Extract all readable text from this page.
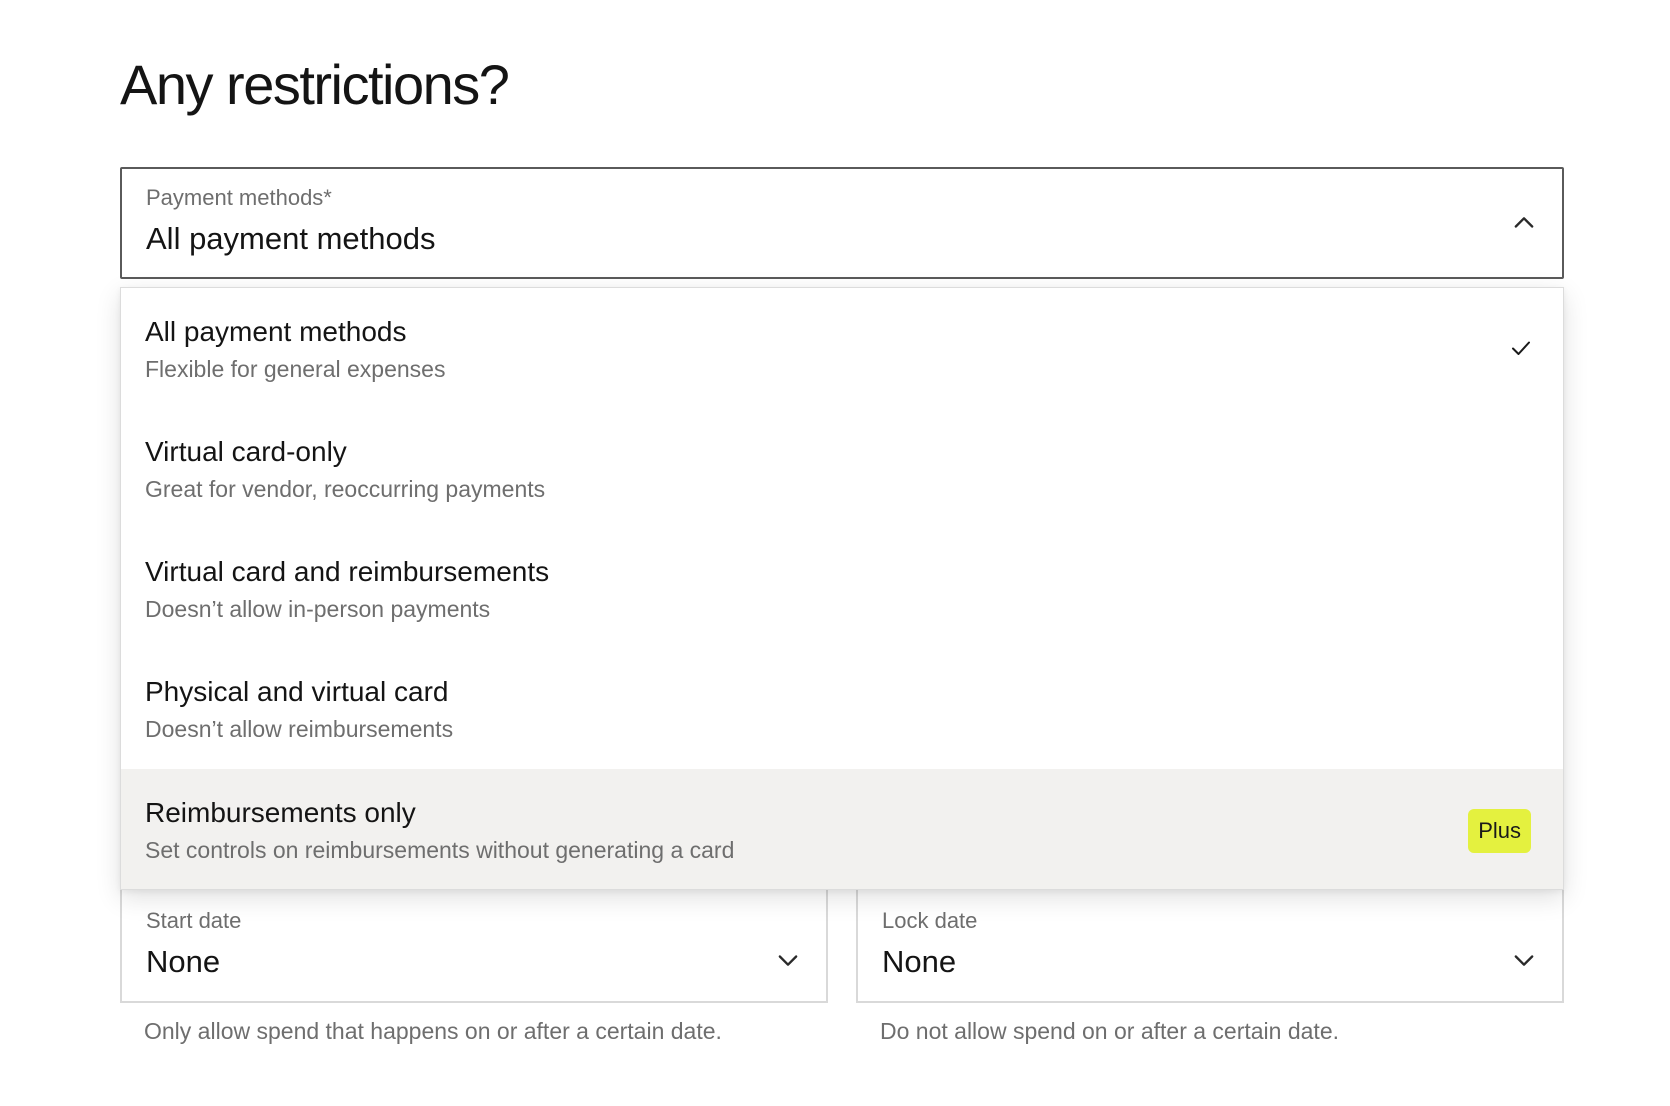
Any restrictions?
Payment methods*
All payment methods
All payment methods
Flexible for general expenses
Virtual card-only
Great for vendor, reoccurring payments
Virtual card and reimbursements
Doesn’t allow in-person payments
Physical and virtual card
Doesn’t allow reimbursements
Reimbursements only
Set controls on reimbursements without generating a card
Plus
Start date
None
Only allow spend that happens on or after a certain date.
Lock date
None
Do not allow spend on or after a certain date.
